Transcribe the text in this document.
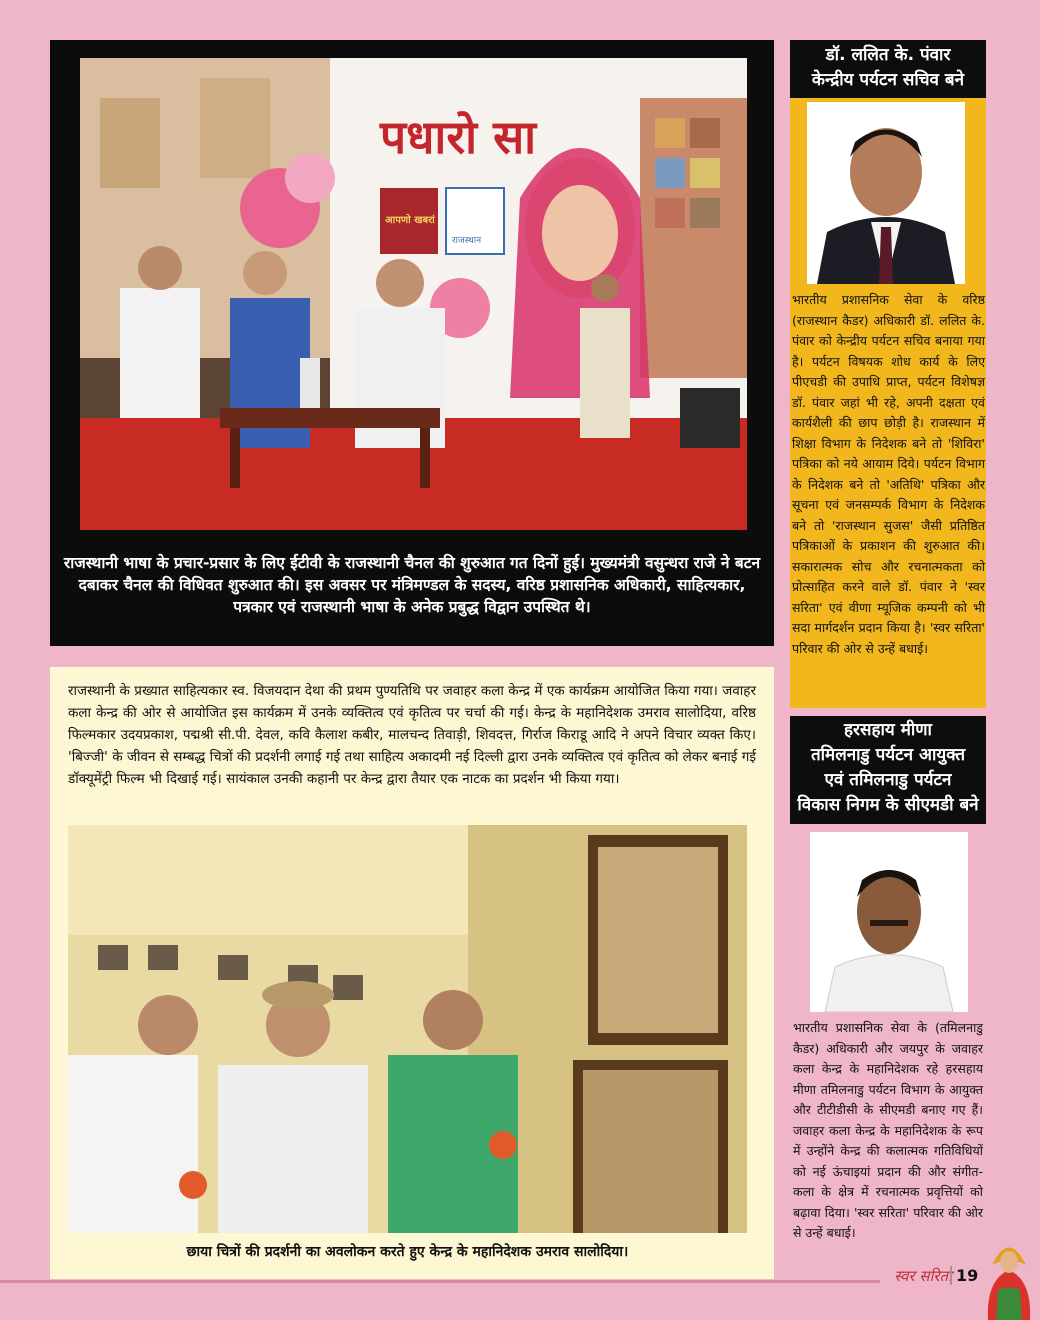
पधारो सा
आपणो खबरां
राजस्थान
राजस्थानी भाषा के प्रचार-प्रसार के लिए ईटीवी के राजस्थानी चैनल की शुरुआत गत दिनों हुई। मुख्यमंत्री वसुन्धरा राजे ने बटन दबाकर चैनल की विधिवत शुरुआत की। इस अवसर पर मंत्रिमण्डल के सदस्य, वरिष्ठ प्रशासनिक अधिकारी, साहित्यकार, पत्रकार एवं राजस्थानी भाषा के अनेक प्रबुद्ध विद्वान उपस्थित थे।
राजस्थानी के प्रख्यात साहित्यकार स्व. विजयदान देथा की प्रथम पुण्यतिथि पर जवाहर कला केन्द्र में एक कार्यक्रम आयोजित किया गया। जवाहर कला केन्द्र की ओर से आयोजित इस कार्यक्रम में उनके व्यक्तित्व एवं कृतित्व पर चर्चा की गई। केन्द्र के महानिदेशक उमराव सालोदिया, वरिष्ठ फिल्मकार उदयप्रकाश, पद्मश्री सी.पी. देवल, कवि कैलाश कबीर, मालचन्द तिवाड़ी, शिवदत्त, गिर्राज किराडू आदि ने अपने विचार व्यक्त किए। 'बिज्जी' के जीवन से सम्बद्ध चित्रों की प्रदर्शनी लगाई गई तथा साहित्य अकादमी नई दिल्ली द्वारा उनके व्यक्तित्व एवं कृतित्व को लेकर बनाई गई डॉक्यूमेंट्री फिल्म भी दिखाई गई। सायंकाल उनकी कहानी पर केन्द्र द्वारा तैयार एक नाटक का प्रदर्शन भी किया गया।
छाया चित्रों की प्रदर्शनी का अवलोकन करते हुए केन्द्र के महानिदेशक उमराव सालोदिया।
डॉ. ललित के. पंवार
केन्द्रीय पर्यटन सचिव बने
भारतीय प्रशासनिक सेवा के वरिष्ठ (राजस्थान कैडर) अधिकारी डॉ. ललित के. पंवार को केन्द्रीय पर्यटन सचिव बनाया गया है। पर्यटन विषयक शोध कार्य के लिए पीएचडी की उपाधि प्राप्त, पर्यटन विशेषज्ञ डॉ. पंवार जहां भी रहे, अपनी दक्षता एवं कार्यशैली की छाप छोड़ी है। राजस्थान में शिक्षा विभाग के निदेशक बने तो 'शिविरा' पत्रिका को नये आयाम दिये। पर्यटन विभाग के निदेशक बने तो 'अतिथि' पत्रिका और सूचना एवं जनसम्पर्क विभाग के निदेशक बने तो 'राजस्थान सुजस' जैसी प्रतिष्ठित पत्रिकाओं के प्रकाशन की शुरुआत की। सकारात्मक सोच और रचनात्मकता को प्रोत्साहित करने वाले डॉ. पंवार ने 'स्वर सरिता' एवं वीणा म्यूजिक कम्पनी को भी सदा मार्गदर्शन प्रदान किया है। 'स्वर सरिता' परिवार की ओर से उन्हें बधाई।
हरसहाय मीणा
तमिलनाडु पर्यटन आयुक्त
एवं तमिलनाडु पर्यटन
विकास निगम के सीएमडी बने
भारतीय प्रशासनिक सेवा के (तमिलनाडु कैडर) अधिकारी और जयपुर के जवाहर कला केन्द्र के महानिदेशक रहे हरसहाय मीणा तमिलनाडु पर्यटन विभाग के आयुक्त और टीटीडीसी के सीएमडी बनाए गए हैं। जवाहर कला केन्द्र के महानिदेशक के रूप में उन्होंने केन्द्र की कलात्मक गतिविधियों को नई ऊंचाइयां प्रदान की और संगीत-कला के क्षेत्र में रचनात्मक प्रवृत्तियों को बढ़ावा दिया। 'स्वर सरिता' परिवार की ओर से उन्हें बधाई।
स्वर सरिता 19
